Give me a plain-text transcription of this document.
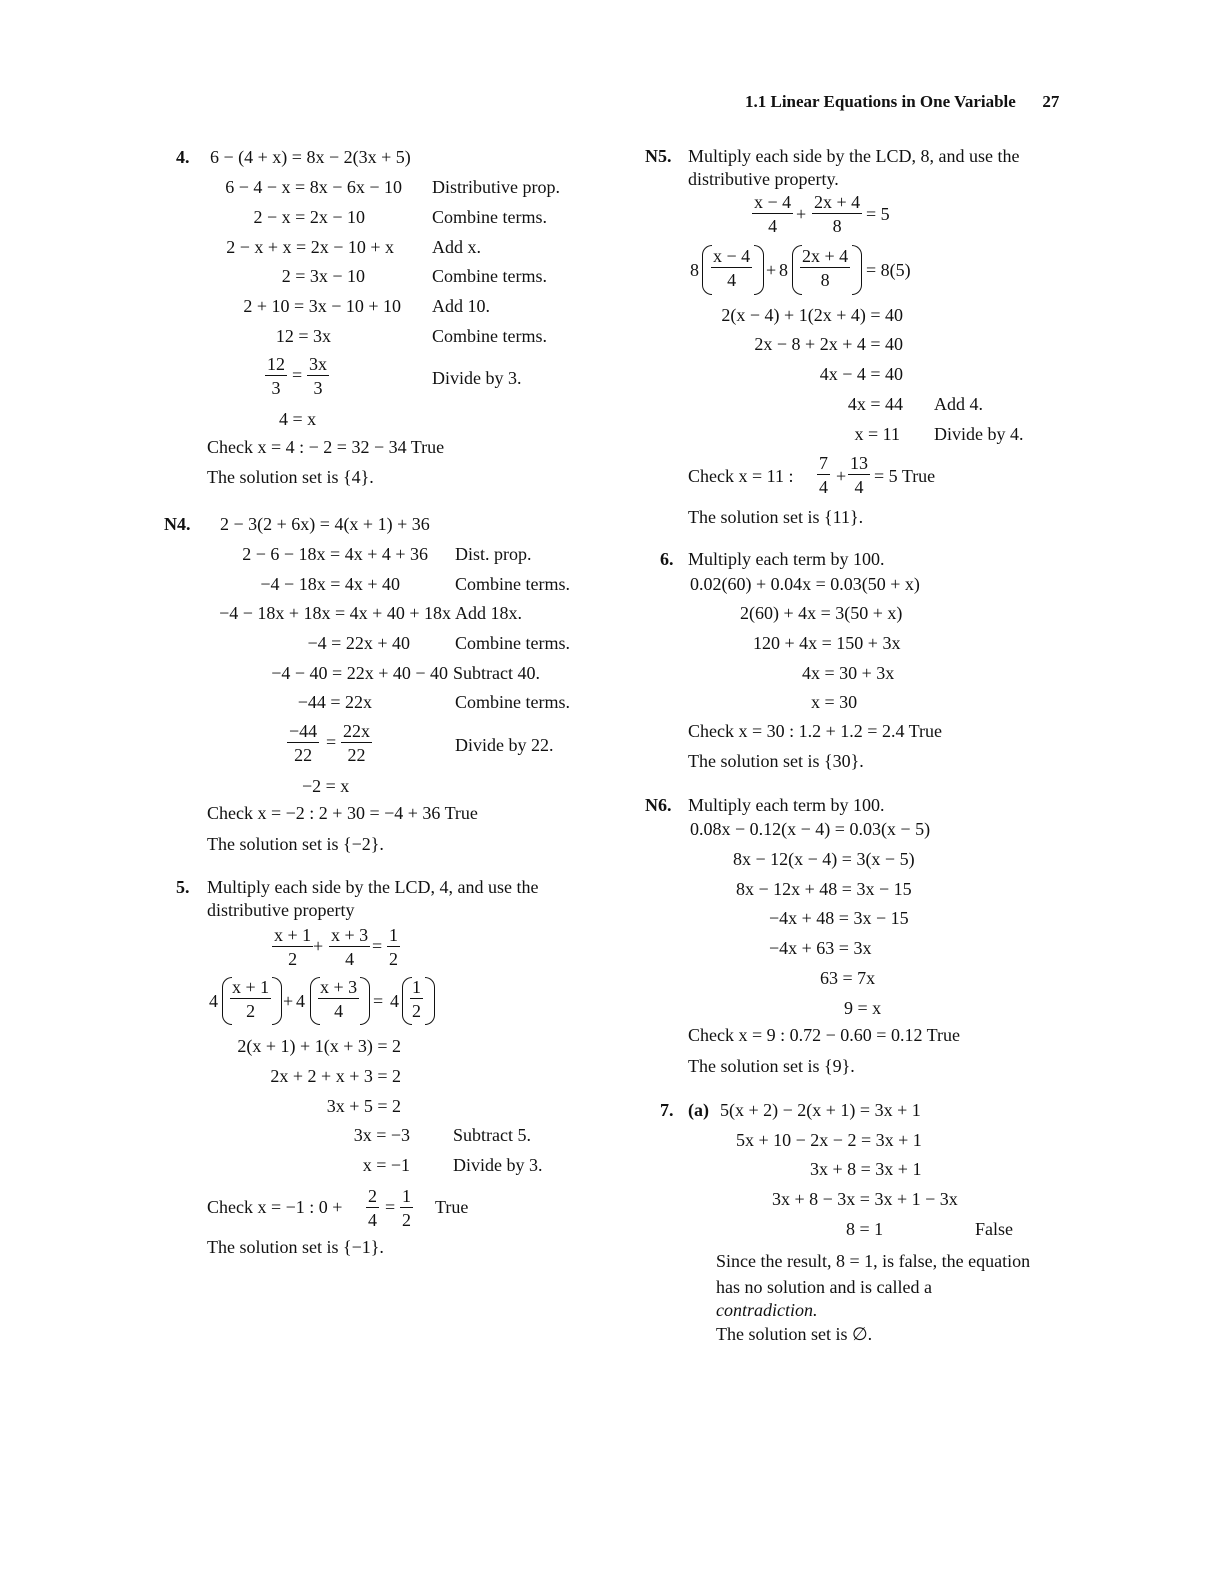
1.1 Linear Equations in One Variable 27
4. 6 − (4 + x) = 8x − 2(3x + 5)
6 − 4 − x = 8x − 6x − 10 Distributive prop.
2 − x = 2x − 10	Combine terms.
2 − x + x = 2x − 10 + x Add x.
2 = 3x − 10	Combine terms.
2 + 10 = 3x − 10 + 10 Add 10.
12 = 3x	Combine terms.
$\frac{12}{3} = \frac{3x}{3}$	Divide by 3.
4 = x
Check x = 4 : − 2 = 32 − 34 True
The solution set is {4}.
N4. 2 − 3(2 + 6x) = 4(x + 1) + 36
2 − 6 − 18x = 4x + 4 + 36 Dist. prop.
−4 − 18x = 4x + 40	Combine terms.
−4 − 18x + 18x = 4x + 40 + 18x Add 18x.
−4 = 22x + 40	Combine terms.
−4 − 40 = 22x + 40 − 40 Subtract 40.
−44 = 22x	Combine terms.
$\frac{-44}{22} = \frac{22x}{22}$	Divide by 22.
−2 = x
Check x = −2 : 2 + 30 = −4 + 36 True
The solution set is {−2}.
5. Multiply each side by the LCD, 4, and use the
distributive property
$\frac{x + 1}{2} + \frac{x + 3}{4} = \frac{1}{2}$
$4 \frac{x + 1}{2} + 4 \frac{x + 3}{4} = 4 \frac{1}{2}$
2(x + 1) + 1(x + 3) = 2
2x + 2 + x + 3 = 2
3x + 5 = 2
3x = −3 Subtract 5.
x = −1 Divide by 3.
Check x = −1 : $0 + \frac{2}{4} = \frac{1}{2}$ True
The solution set is {−1}.
N5. Multiply each side by the LCD, 8, and use the
distributive property.
$\frac{x - 4}{4} + \frac{2x + 4}{8} = 5$
$8 \frac{x - 4}{4} + 8 \frac{2x + 4}{8} = 8(5)$
2(x − 4) + 1(2x + 4) = 40
2x − 8 + 2x + 4 = 40
4x − 4 = 40
4x = 44 Add 4.
x = 11 Divide by 4.
Check x = 11 : $\frac{7}{4} + \frac{13}{4} = 5$ True
The solution set is {11}.
6. Multiply each term by 100.
0.02(60) + 0.04x = 0.03(50 + x)
2(60) + 4x = 3(50 + x)
120 + 4x = 150 + 3x
4x = 30 + 3x
x = 30
Check x = 30 : 1.2 + 1.2 = 2.4 True
The solution set is {30}.
N6. Multiply each term by 100.
0.08x − 0.12(x − 4) = 0.03(x − 5)
8x − 12(x − 4) = 3(x − 5)
8x − 12x + 48 = 3x − 15
−4x + 48 = 3x − 15
−4x + 63 = 3x
63 = 7x
9 = x
Check x = 9 : 0.72 − 0.60 = 0.12 True
The solution set is {9}.
7. (a) 5(x + 2) − 2(x + 1) = 3x + 1
5x + 10 − 2x − 2 = 3x + 1
3x + 8 = 3x + 1
3x + 8 − 3x = 3x + 1 − 3x
8 = 1	False
Since the result, 8 = 1, is false, the equation
has no solution and is called a
contradiction.
The solution set is ∅.
